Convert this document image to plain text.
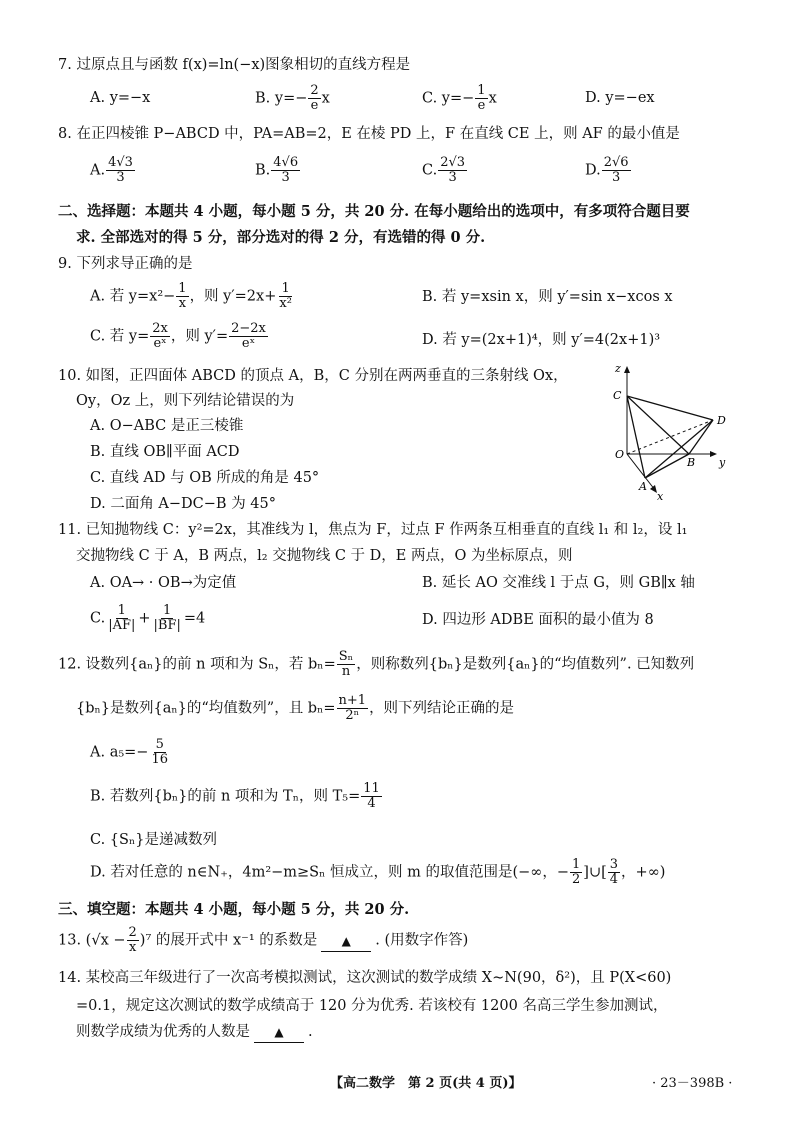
7. 过原点且与函数 f(x)=ln(−x)图象相切的直线方程是
A. y=−x	B. $y=- \frac{2}{e}$ x	C. $y=- \frac{1}{e}$ x	D. y=−ex
8. 在正四棱锥 P−ABCD 中，PA=AB=2，E 在棱 PD 上，F 在直线 CE 上，则 AF 的最小值是
A. $\frac{4√3}{3}$	B. $\frac{4√6}{3}$	C. $\frac{2√3}{3}$	D. $\frac{2√6}{3}$
二、选择题：本题共 4 小题，每小题 5 分，共 20 分. 在每小题给出的选项中，有多项符合题目要
求. 全部选对的得 5 分，部分选对的得 2 分，有选错的得 0 分.
9. 下列求导正确的是
A. 若 $y=x^2- \frac{1}{x}$ ，则 $y'=2x+ \frac{1}{\text{x²}}$	B. 若 y=xsin x，则 y′=sin x−xcos x
C. 若 $y= \frac{2x}{\text{eˣ}}$ ，则 $y'= \frac{2-2x}{\text{eˣ}}$	D. 若 y=(2x+1)⁴，则 y′=4(2x+1)³
10. 如图，正四面体 ABCD 的顶点 A，B，C 分别在两两垂直的三条射线 Ox，
Oy，Oz 上，则下列结论错误的为
A. O−ABC 是正三棱锥
B. 直线 OB∥平面 ACD
C. 直线 AD 与 OB 所成的角是 45°
D. 二面角 A−DC−B 为 45°
z
C
D
O
B y
A
x
11. 已知抛物线 C：y²=2x，其准线为 l，焦点为 F，过点 F 作两条互相垂直的直线 l₁ 和 l₂，设 l₁
交抛物线 C 于 A，B 两点，l₂ 交抛物线 C 于 D，E 两点，O 为坐标原点，则
A. OA→ · OB→为定值	B. 延长 AO 交准线 l 于点 G，则 GB∥x 轴
C. $\frac{1}{|AF|} + \frac{1}{|BF|} =4$	D. 四边形 ADBE 面积的最小值为 8
12. 设数列{aₙ}的前 n 项和为 Sₙ，若 $b_n= \frac{\text{Sₙ}}{n}$ ，则称数列{bₙ}是数列{aₙ}的“均值数列”. 已知数列
{bₙ}是数列{aₙ}的“均值数列”，且 $b_n= \frac{n+1}{\text{2ⁿ}}$ ，则下列结论正确的是
A. $a_5=- \frac{5}{16}$
B. 若数列{bₙ}的前 n 项和为 Tₙ，则 $T_5= \frac{11}{4}$
C. {Sₙ}是递减数列
D. 若对任意的 n∈N₊，4m²−m≥Sₙ 恒成立，则 m 的取值范围是(−∞，− $\frac{1}{2}$ ]∪[ $\frac{3}{4}$ ，+∞)
三、填空题：本题共 4 小题，每小题 5 分，共 20 分.
13. $(√x - \frac{2}{x} )^7$ 的展开式中 x⁻¹ 的系数是 ▲ . (用数字作答)
14. 某校高三年级进行了一次高考模拟测试，这次测试的数学成绩 X∼N(90，δ²)，且 P(X<60)
=0.1，规定这次测试的数学成绩高于 120 分为优秀. 若该校有 1200 名高三学生参加测试，
则数学成绩为优秀的人数是 ▲ .
【高二数学　第 2 页(共 4 页)】	· 23－398B ·
